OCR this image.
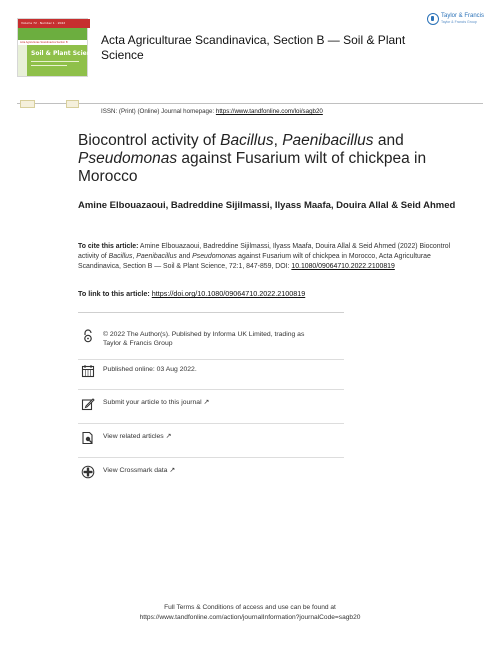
Volume 72 · Number 1 · 2022
Acta Agriculturae Scandinavica Section B
Soil & Plant Science
Acta Agriculturae Scandinavica, Section B — Soil & Plant Science
Taylor & Francis
Taylor & Francis Group
ISSN: (Print) (Online) Journal homepage: https://www.tandfonline.com/loi/sagb20
Biocontrol activity of Bacillus, Paenibacillus and Pseudomonas against Fusarium wilt of chickpea in Morocco
Amine Elbouazaoui, Badreddine Sijilmassi, Ilyass Maafa, Douira Allal & Seid Ahmed
To cite this article: Amine Elbouazaoui, Badreddine Sijilmassi, Ilyass Maafa, Douira Allal & Seid Ahmed (2022) Biocontrol activity of Bacillus, Paenibacillus and Pseudomonas against Fusarium wilt of chickpea in Morocco, Acta Agriculturae Scandinavica, Section B — Soil & Plant Science, 72:1, 847-859, DOI: 10.1080/09064710.2022.2100819
To link to this article: https://doi.org/10.1080/09064710.2022.2100819
© 2022 The Author(s). Published by Informa UK Limited, trading as Taylor & Francis Group
Published online: 03 Aug 2022.
Submit your article to this journal ↗
View related articles ↗
View Crossmark data ↗
Full Terms & Conditions of access and use can be found at
https://www.tandfonline.com/action/journalInformation?journalCode=sagb20
